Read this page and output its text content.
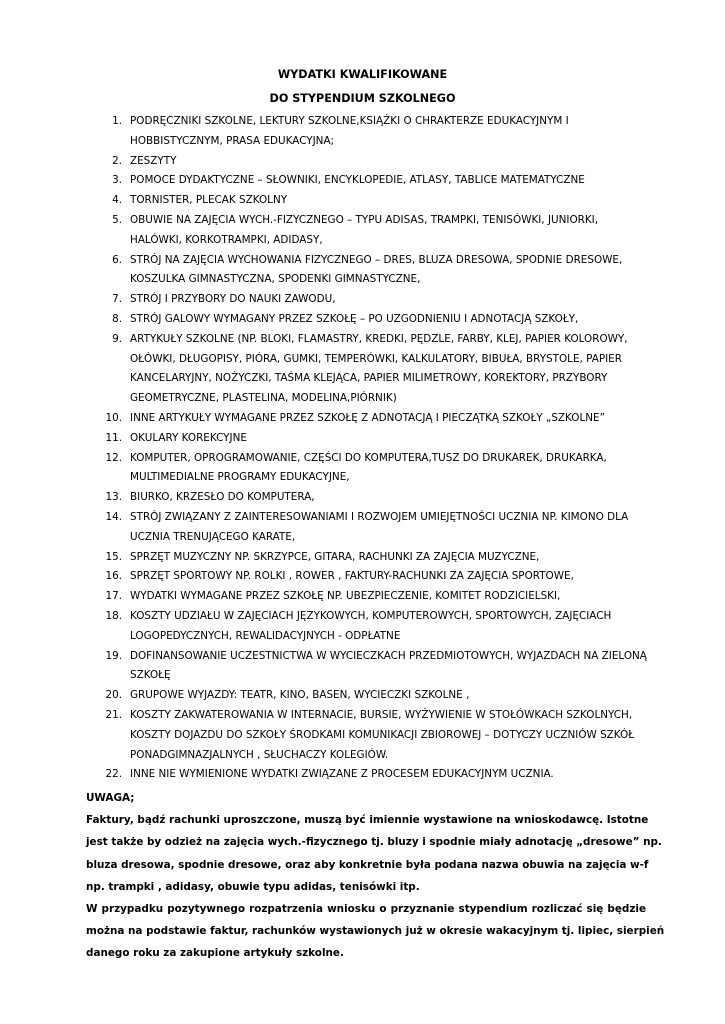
WYDATKI KWALIFIKOWANE
DO STYPENDIUM SZKOLNEGO
1. PODRĘCZNIKI SZKOLNE, LEKTURY SZKOLNE,KSIĄŻKI O CHRAKTERZE EDUKACYJNYM I
HOBBISTYCZNYM, PRASA EDUKACYJNA;
2. ZESZYTY
3. POMOCE DYDAKTYCZNE – SŁOWNIKI, ENCYKLOPEDIE, ATLASY, TABLICE MATEMATYCZNE
4. TORNISTER, PLECAK SZKOLNY
5. OBUWIE NA ZAJĘCIA WYCH.-FIZYCZNEGO – TYPU ADISAS, TRAMPKI, TENISÓWKI, JUNIORKI,
HALÓWKI, KORKOTRAMPKI, ADIDASY,
6. STRÓJ NA ZAJĘCIA WYCHOWANIA FIZYCZNEGO – DRES, BLUZA DRESOWA, SPODNIE DRESOWE,
KOSZULKA GIMNASTYCZNA, SPODENKI GIMNASTYCZNE,
7. STRÓJ I PRZYBORY DO NAUKI ZAWODU,
8. STRÓJ GALOWY WYMAGANY PRZEZ SZKOŁĘ – PO UZGODNIENIU I ADNOTACJĄ SZKOŁY,
9. ARTYKUŁY SZKOLNE (NP. BLOKI, FLAMASTRY, KREDKI, PĘDZLE, FARBY, KLEJ, PAPIER KOLOROWY,
OŁÓWKI, DŁUGOPISY, PIÓRA, GUMKI, TEMPERÓWKI, KALKULATORY, BIBUŁA, BRYSTOLE, PAPIER
KANCELARYJNY, NOŻYCZKI, TAŚMA KLEJĄCA, PAPIER MILIMETROWY, KOREKTORY, PRZYBORY
GEOMETRYCZNE, PLASTELINA, MODELINA,PIÓRNIK)
10. INNE ARTYKUŁY WYMAGANE PRZEZ SZKOŁĘ Z ADNOTACJĄ I PIECZĄTKĄ SZKOŁY „SZKOLNE”
11. OKULARY KOREKCYJNE
12. KOMPUTER, OPROGRAMOWANIE, CZĘŚCI DO KOMPUTERA,TUSZ DO DRUKAREK, DRUKARKA,
MULTIMEDIALNE PROGRAMY EDUKACYJNE,
13. BIURKO, KRZESŁO DO KOMPUTERA,
14. STRÓJ ZWIĄZANY Z ZAINTERESOWANIAMI I ROZWOJEM UMIEJĘTNOŚCI UCZNIA NP. KIMONO DLA
UCZNIA TRENUJĄCEGO KARATE,
15. SPRZĘT MUZYCZNY NP. SKRZYPCE, GITARA, RACHUNKI ZA ZAJĘCIA MUZYCZNE,
16. SPRZĘT SPORTOWY NP. ROLKI , ROWER , FAKTURY-RACHUNKI ZA ZAJĘCIA SPORTOWE,
17. WYDATKI WYMAGANE PRZEZ SZKOŁĘ NP. UBEZPIECZENIE, KOMITET RODZICIELSKI,
18. KOSZTY UDZIAŁU W ZAJĘCIACH JĘZYKOWYCH, KOMPUTEROWYCH, SPORTOWYCH, ZAJĘCIACH
LOGOPEDYCZNYCH, REWALIDACYJNYCH - ODPŁATNE
19. DOFINANSOWANIE UCZESTNICTWA W WYCIECZKACH PRZEDMIOTOWYCH, WYJAZDACH NA ZIELONĄ
SZKOŁĘ
20. GRUPOWE WYJAZDY: TEATR, KINO, BASEN, WYCIECZKI SZKOLNE ,
21. KOSZTY ZAKWATEROWANIA W INTERNACIE, BURSIE, WYŻYWIENIE W STOŁÓWKACH SZKOLNYCH,
KOSZTY DOJAZDU DO SZKOŁY ŚRODKAMI KOMUNIKACJI ZBIOROWEJ – DOTYCZY UCZNIÓW SZKÓŁ
PONADGIMNAZJALNYCH , SŁUCHACZY KOLEGIÓW.
22. INNE NIE WYMIENIONE WYDATKI ZWIĄZANE Z PROCESEM EDUKACYJNYM UCZNIA.
UWAGA;
Faktury, bądź rachunki uproszczone, muszą być imiennie wystawione na wnioskodawcę. Istotne
jest także by odzież na zajęcia wych.-fizycznego tj. bluzy i spodnie miały adnotację „dresowe” np.
bluza dresowa, spodnie dresowe, oraz aby konkretnie była podana nazwa obuwia na zajęcia w-f
np. trampki , adidasy, obuwie typu adidas, tenisówki itp.
W przypadku pozytywnego rozpatrzenia wniosku o przyznanie stypendium rozliczać się będzie
można na podstawie faktur, rachunków wystawionych już w okresie wakacyjnym tj. lipiec, sierpień
danego roku za zakupione artykuły szkolne.
